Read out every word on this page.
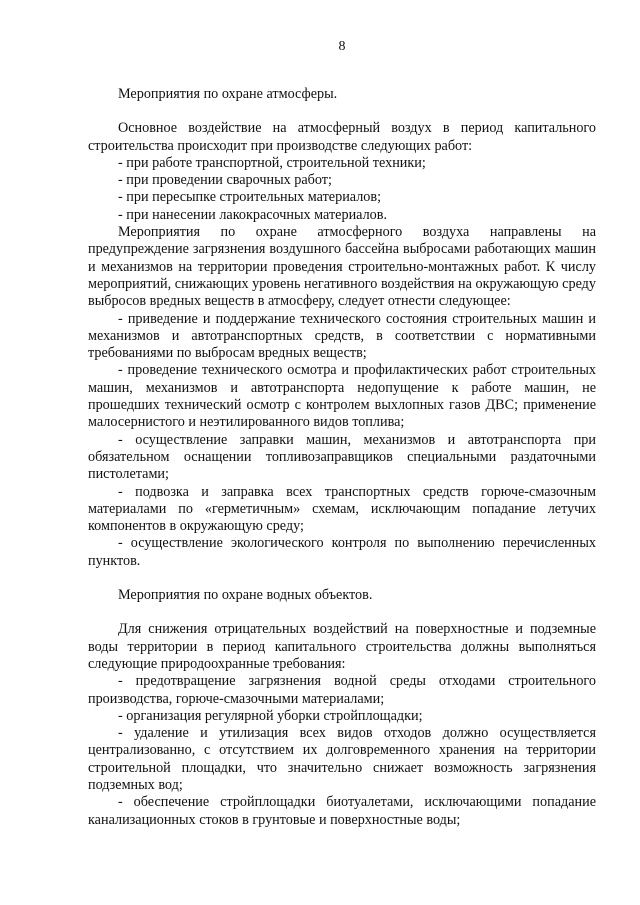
8

Мероприятия по охране атмосферы.

Основное воздействие на атмосферный воздух в период капитального строительства происходит при производстве следующих работ:

- при работе транспортной, строительной техники;

- при проведении сварочных работ;

- при пересыпке строительных материалов;

- при нанесении лакокрасочных материалов.

Мероприятия по охране атмосферного воздуха направлены на предупреждение загрязнения воздушного бассейна выбросами работающих машин и механизмов на территории проведения строительно-монтажных работ. К числу мероприятий, снижающих уровень негативного воздействия на окружающую среду выбросов вредных веществ в атмосферу, следует отнести следующее:

- приведение и поддержание технического состояния строительных машин и механизмов и автотранспортных средств, в соответствии с нормативными требованиями по выбросам вредных веществ;

- проведение технического осмотра и профилактических работ строительных машин, механизмов и автотранспорта недопущение к работе машин, не прошедших технический осмотр с контролем выхлопных газов ДВС; применение малосернистого и неэтилированного видов топлива;

- осуществление заправки машин, механизмов и автотранспорта при обязательном оснащении топливозаправщиков специальными раздаточными пистолетами;

- подвозка и заправка всех транспортных средств горюче-смазочным материалами по «герметичным» схемам, исключающим попадание летучих компонентов в окружающую среду;

- осуществление экологического контроля по выполнению перечисленных пунктов.

Мероприятия по охране водных объектов.

Для снижения отрицательных воздействий на поверхностные и подземные воды территории в период капитального строительства должны выполняться следующие природоохранные требования:

- предотвращение загрязнения водной среды отходами строительного производства, горюче-смазочными материалами;

- организация регулярной уборки стройплощадки;

- удаление и утилизация всех видов отходов должно осуществляется централизованно, с отсутствием их долговременного хранения на территории строительной площадки, что значительно снижает возможность загрязнения подземных вод;

- обеспечение стройплощадки биотуалетами, исключающими попадание канализационных стоков в грунтовые и поверхностные воды;
